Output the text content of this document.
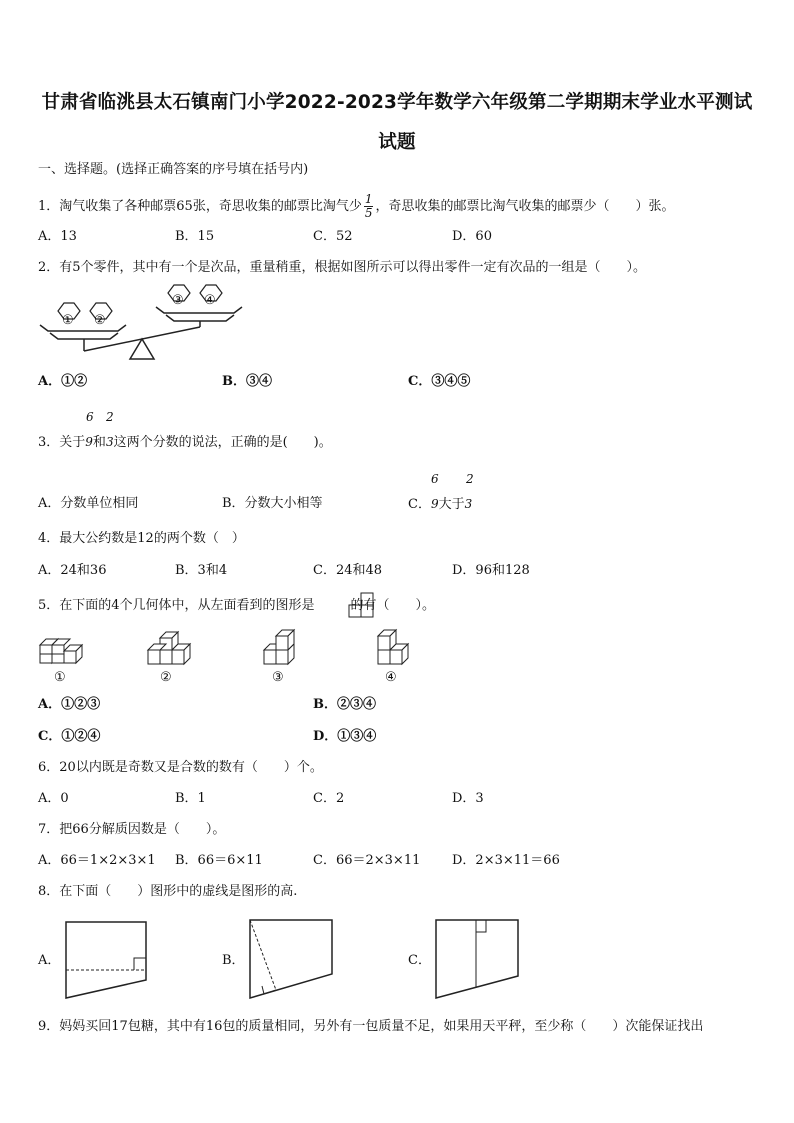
甘肃省临洮县太石镇南门小学2022-2023学年数学六年级第二学期期末学业水平测试
试题
一、选择题。(选择正确答案的序号填在括号内)
1．淘气收集了各种邮票65张，奇思收集的邮票比淘气少 $\frac{1}{5}$ ，奇思收集的邮票比淘气收集的邮票少（　　）张。
A．13	B．15	C．52	D．60
2．有5个零件，其中有一个是次品，重量稍重，根据如图所示可以得出零件一定有次品的一组是（　　）。
① ②
③ ④
A．①②	B．③④	C．③④⑤
6 2
3．关于9和3这两个分数的说法，正确的是(　　)。
A．分数单位相同	B．分数大小相等
6 2
C．9大于3
4．最大公约数是12的两个数（　）
A．24和36	B．3和4	C．24和48	D．96和128
5．在下面的4个几何体中，从左面看到的图形是	的有（　　）。
①	②	③	④
A．①②③	B．②③④
C．①②④	D．①③④
6．20以内既是奇数又是合数的数有（　　）个。
A．0	B．1	C．2	D．3
7．把66分解质因数是（　　）。
A．66＝1×2×3×1 B．66＝6×11	C．66＝2×3×11 D．2×3×11＝66
8．在下面（　　）图形中的虚线是图形的高.
A．	B．	C．
9．妈妈买回17包糖，其中有16包的质量相同，另外有一包质量不足，如果用天平秤，至少称（　　）次能保证找出
